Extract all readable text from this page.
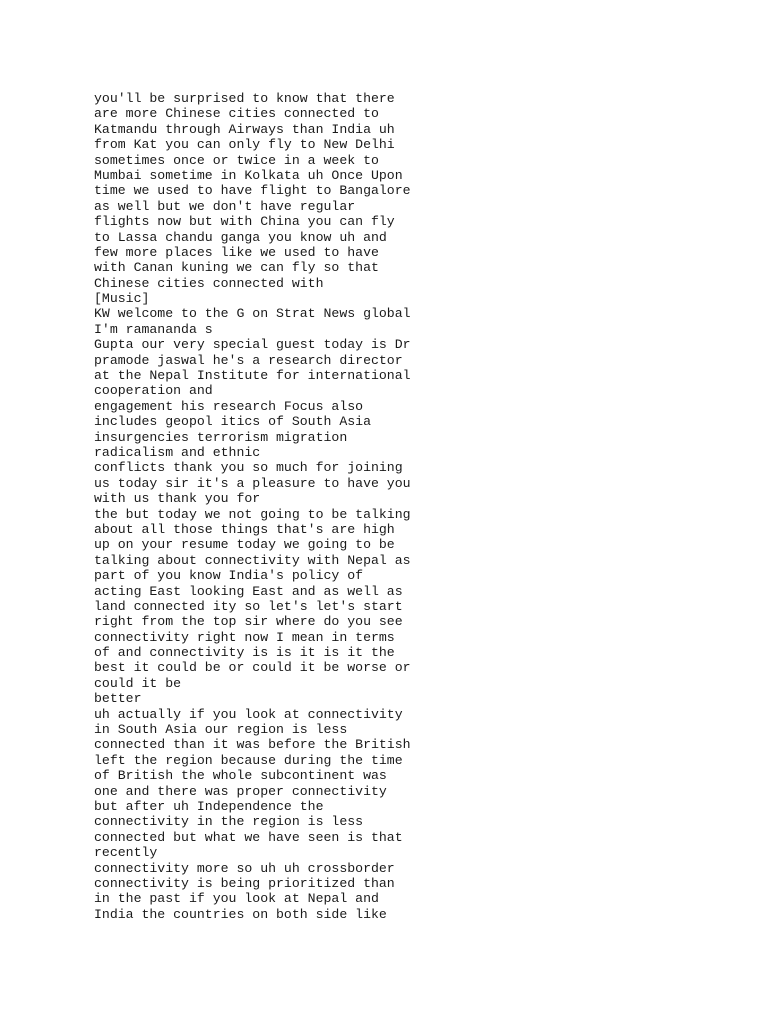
you'll be surprised to know that there
are more Chinese cities connected to
Katmandu through Airways than India uh
from Kat you can only fly to New Delhi
sometimes once or twice in a week to
Mumbai sometime in Kolkata uh Once Upon
time we used to have flight to Bangalore
as well but we don't have regular
flights now but with China you can fly
to Lassa chandu ganga you know uh and
few more places like we used to have
with Canan kuning we can fly so that
Chinese cities connected with
[Music]
KW welcome to the G on Strat News global
I'm ramananda s
Gupta our very special guest today is Dr
pramode jaswal he's a research director
at the Nepal Institute for international
cooperation and
engagement his research Focus also
includes geopol itics of South Asia
insurgencies terrorism migration
radicalism and ethnic
conflicts thank you so much for joining
us today sir it's a pleasure to have you
with us thank you for
the but today we not going to be talking
about all those things that's are high
up on your resume today we going to be
talking about connectivity with Nepal as
part of you know India's policy of
acting East looking East and as well as
land connected ity so let's let's start
right from the top sir where do you see
connectivity right now I mean in terms
of and connectivity is is it is it the
best it could be or could it be worse or
could it be
better
uh actually if you look at connectivity
in South Asia our region is less
connected than it was before the British
left the region because during the time
of British the whole subcontinent was
one and there was proper connectivity
but after uh Independence the
connectivity in the region is less
connected but what we have seen is that
recently
connectivity more so uh uh crossborder
connectivity is being prioritized than
in the past if you look at Nepal and
India the countries on both side like
